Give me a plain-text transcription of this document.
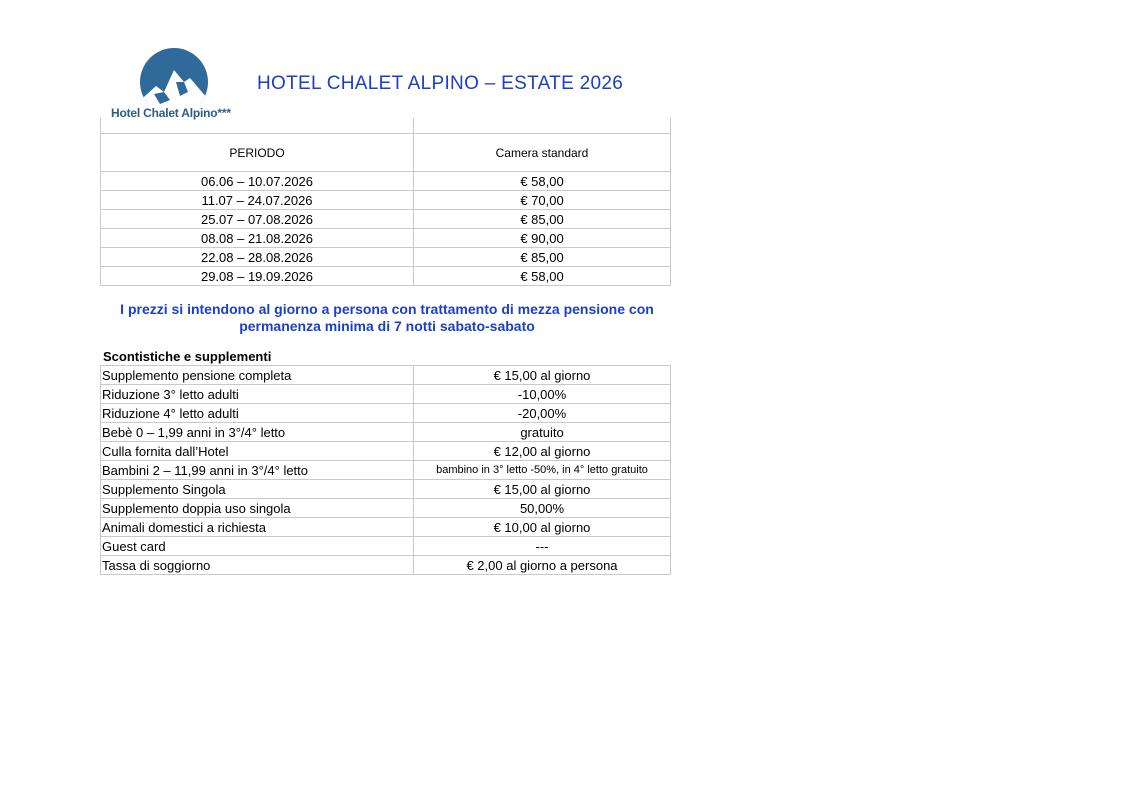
Hotel Chalet Alpino***
HOTEL CHALET ALPINO – ESTATE 2026

PERIODO	Camera standard
06.06 – 10.07.2026	€ 58,00
11.07 – 24.07.2026	€ 70,00
25.07 – 07.08.2026	€ 85,00
08.08 – 21.08.2026	€ 90,00
22.08 – 28.08.2026	€ 85,00
29.08 – 19.09.2026	€ 58,00
I prezzi si intendono al giorno a persona con trattamento di mezza pensione con
permanenza minima di 7 notti sabato-sabato
Scontistiche e supplementi
Supplemento pensione completa	€ 15,00 al giorno
Riduzione 3° letto adulti	-10,00%
Riduzione 4° letto adulti	-20,00%
Bebè 0 – 1,99 anni in 3°/4° letto	gratuito
Culla fornita dall’Hotel	€ 12,00 al giorno
Bambini 2 – 11,99 anni in 3°/4° letto	bambino in 3° letto -50%, in 4° letto gratuito
Supplemento Singola	€ 15,00 al giorno
Supplemento doppia uso singola	50,00%
Animali domestici a richiesta	€ 10,00 al giorno
Guest card	---
Tassa di soggiorno	€ 2,00 al giorno a persona
